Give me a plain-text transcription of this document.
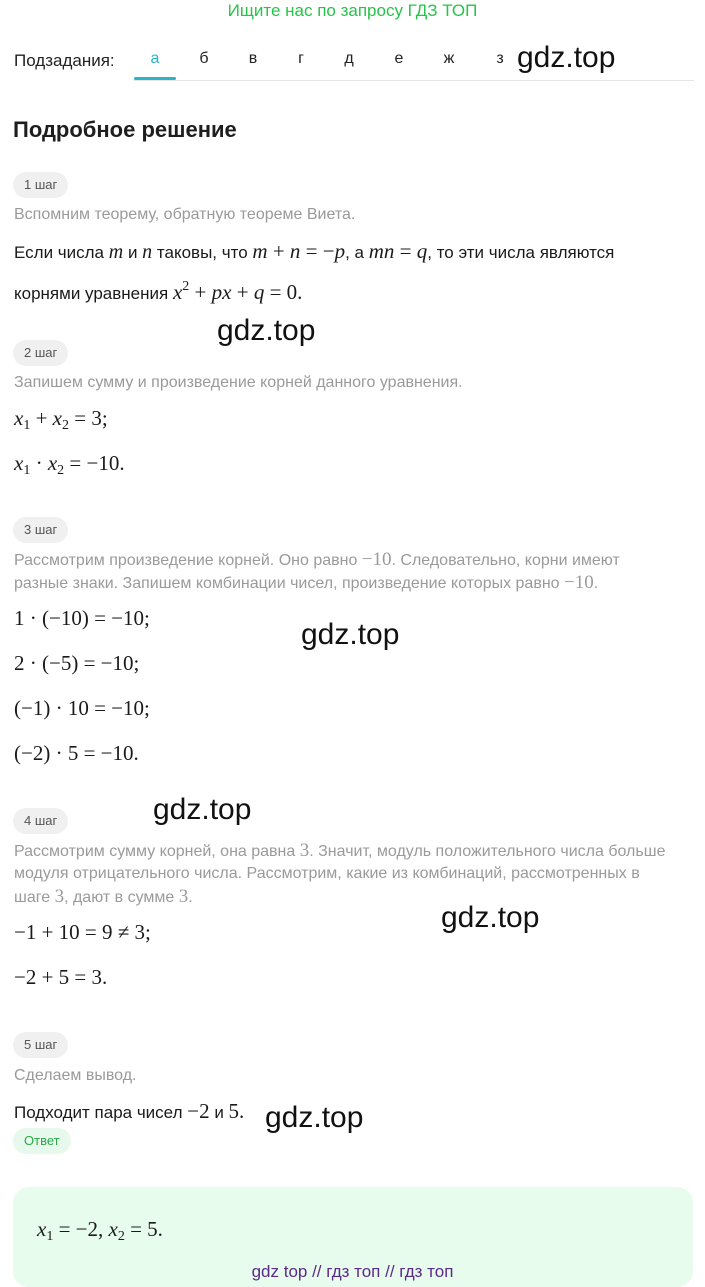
Ищите нас по запросу ГДЗ ТОП
Подзадания:	а	б	в	г	д	е	ж	з gdz.top
Подробное решение
1 шаг
Вспомним теорему, обратную теореме Виета.
Если числа m и n таковы, что m + n = −p, а mn = q, то эти числа являются
корнями уравнения $x^2$ + px + q = 0.
gdz.top
2 шаг
Запишем сумму и произведение корней данного уравнения.
$x_1 + x_2 = 3$;
$x_1 \cdot x_2 = -10$.
3 шаг
Рассмотрим произведение корней. Оно равно −10. Следовательно, корни имеют
разные знаки. Запишем комбинации чисел, произведение которых равно −10.
1 · (−10) = −10;
2 · (−5) = −10;
(−1) · 10 = −10;
(−2) · 5 = −10.
gdz.top
gdz.top
4 шаг
Рассмотрим сумму корней, она равна 3. Значит, модуль положительного числа больше
модуля отрицательного числа. Рассмотрим, какие из комбинаций, рассмотренных в
шаге 3, дают в сумме 3.
−1 + 10 = 9 ≠ 3;
−2 + 5 = 3.
gdz.top
5 шаг
Сделаем вывод.
Подходит пара чисел −2 и 5. gdz.top
Ответ
$x_1 = -2$, $x_2 = 5$.
gdz top // гдз топ // гдз топ
